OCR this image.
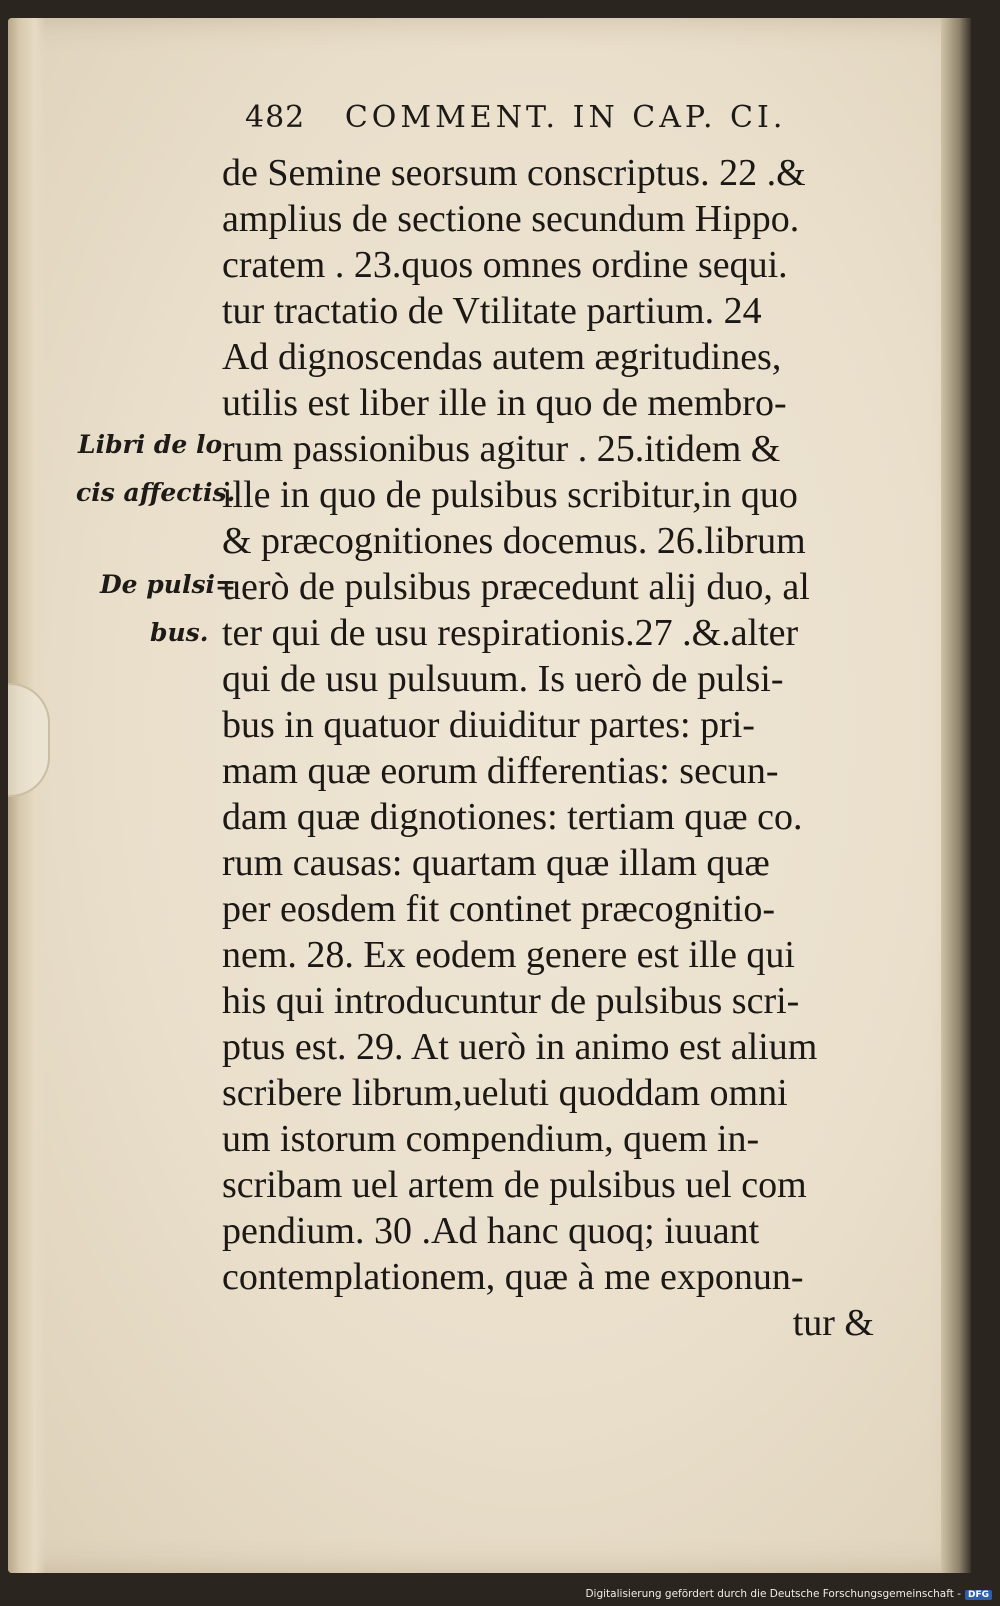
482 COMMENT. IN CAP. CI.
de Semine seorsum conscriptus. 22 .&
amplius de sectione secundum Hippo.
cratem . 23.quos omnes ordine sequi.
tur tractatio de Vtilitate partium. 24
Ad dignoscendas autem ægritudines,
utilis est liber ille in quo de membro-
rum passionibus agitur . 25.itidem &
ille in quo de pulsibus scribitur,in quo
& præcognitiones docemus. 26.librum
uerò de pulsibus præcedunt alij duo, al
ter qui de usu respirationis.27 .&.alter
qui de usu pulsuum. Is uerò de pulsi-
bus in quatuor diuiditur partes: pri-
mam quæ eorum differentias: secun-
dam quæ dignotiones: tertiam quæ co.
rum causas: quartam quæ illam quæ
per eosdem fit continet præcognitio-
nem. 28. Ex eodem genere est ille qui
his qui introducuntur de pulsibus scri-
ptus est. 29. At uerò in animo est alium
scribere librum,ueluti quoddam omni
um istorum compendium, quem in-
scribam uel artem de pulsibus uel com
pendium. 30 .Ad hanc quoq; iuuant
contemplationem, quæ à me exponun-
tur &
Libri de lo
cis affectis.
De pulsi=
bus.
Digitalisierung gefördert durch die Deutsche Forschungsgemeinschaft - DFG
